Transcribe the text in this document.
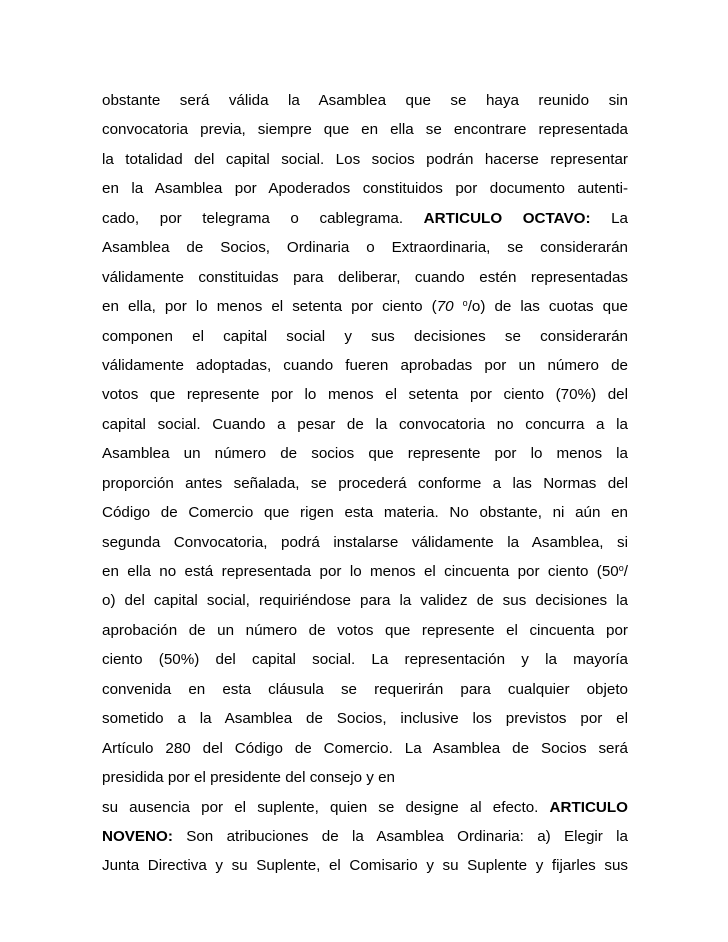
obstante será válida la Asamblea que se haya reunido sin
convocatoria previa, siempre que en ella se encontrare representada
la totalidad del capital social. Los socios podrán hacerse representar
en la Asamblea por Apoderados constituidos por documento autenti-
cado, por telegrama o cablegrama. ARTICULO OCTAVO: La
Asamblea de Socios, Ordinaria o Extraordinaria, se considerarán
válidamente constituidas para deliberar, cuando estén representadas
en ella, por lo menos el setenta por ciento (70 $^o$/o) de las cuotas que
componen el capital social y sus decisiones se considerarán
válidamente adoptadas, cuando fueren aprobadas por un número de
votos que represente por lo menos el setenta por ciento (70%) del
capital social. Cuando a pesar de la convocatoria no concurra a la
Asamblea un número de socios que represente por lo menos la
proporción antes señalada, se procederá conforme a las Normas del
Código de Comercio que rigen esta materia. No obstante, ni aún en
segunda Convocatoria, podrá instalarse válidamente la Asamblea, si
en ella no está representada por lo menos el cincuenta por ciento (50$^o$/
o) del capital social, requiriéndose para la validez de sus decisiones la
aprobación de un número de votos que represente el cincuenta por
ciento (50%) del capital social. La representación y la mayoría
convenida en esta cláusula se requerirán para cualquier objeto
sometido a la Asamblea de Socios, inclusive los previstos por el
Artículo 280 del Código de Comercio. La Asamblea de Socios será
presidida por el presidente del consejo y en
su ausencia por el suplente, quien se designe al efecto. ARTICULO
NOVENO: Son atribuciones de la Asamblea Ordinaria: a) Elegir la
Junta Directiva y su Suplente, el Comisario y su Suplente y fijarles sus
